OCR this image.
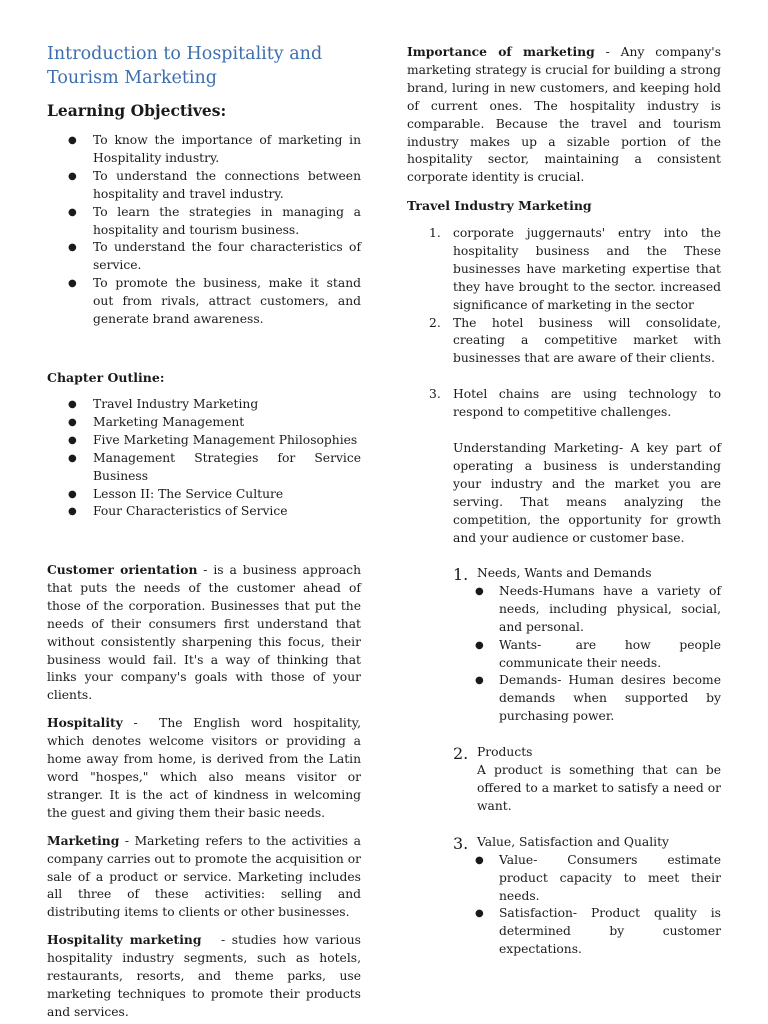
Introduction to Hospitality and Tourism Marketing
Learning Objectives:
● To know the importance of marketing in Hospitality industry.
● To understand the connections between hospitality and travel industry.
● To learn the strategies in managing a hospitality and tourism business.
● To understand the four characteristics of service.
● To promote the business, make it stand out from rivals, attract customers, and generate brand awareness.
Chapter Outline:
● Travel Industry Marketing
● Marketing Management
● Five Marketing Management Philosophies
● Management Strategies for Service Business
● Lesson II: The Service Culture
● Four Characteristics of Service

Customer orientation - is a business approach that puts the needs of the customer ahead of those of the corporation. Businesses that put the needs of their consumers first understand that without consistently sharpening this focus, their business would fail. It's a way of thinking that links your company's goals with those of your clients.

Hospitality -  The English word hospitality, which denotes welcome visitors or providing a home away from home, is derived from the Latin word "hospes," which also means visitor or stranger. It is the act of kindness in welcoming the guest and giving them their basic needs.

Marketing - Marketing refers to the activities a company carries out to promote the acquisition or sale of a product or service. Marketing includes all three of these activities: selling and distributing items to clients or other businesses.

Hospitality marketing   - studies how various hospitality industry segments, such as hotels, restaurants, resorts, and theme parks, use marketing techniques to promote their products and services.

Importance of marketing - Any company's marketing strategy is crucial for building a strong brand, luring in new customers, and keeping hold of current ones. The hospitality industry is comparable. Because the travel and tourism industry makes up a sizable portion of the hospitality sector, maintaining a consistent corporate identity is crucial.

Travel Industry Marketing
1. corporate juggernauts' entry into the hospitality business and the These businesses have marketing expertise that they have brought to the sector. increased significance of marketing in the sector
2. The hotel business will consolidate, creating a competitive market with businesses that are aware of their clients.
3. Hotel chains are using technology to respond to competitive challenges.

Understanding Marketing- A key part of operating a business is understanding your industry and the market you are serving. That means analyzing the competition, the opportunity for growth and your audience or customer base.

1. Needs, Wants and Demands

● Needs-Humans have a variety of needs, including physical, social, and personal.
● Wants-      are     how     people communicate their needs.
● Demands- Human desires become demands when supported by purchasing power.
2. Products

A product is something that can be offered to a market to satisfy a need or want.

3. Value, Satisfaction and Quality

● Value-     Consumers     estimate product capacity to meet their needs.
● Satisfaction- Product quality is determined by customer expectations.
